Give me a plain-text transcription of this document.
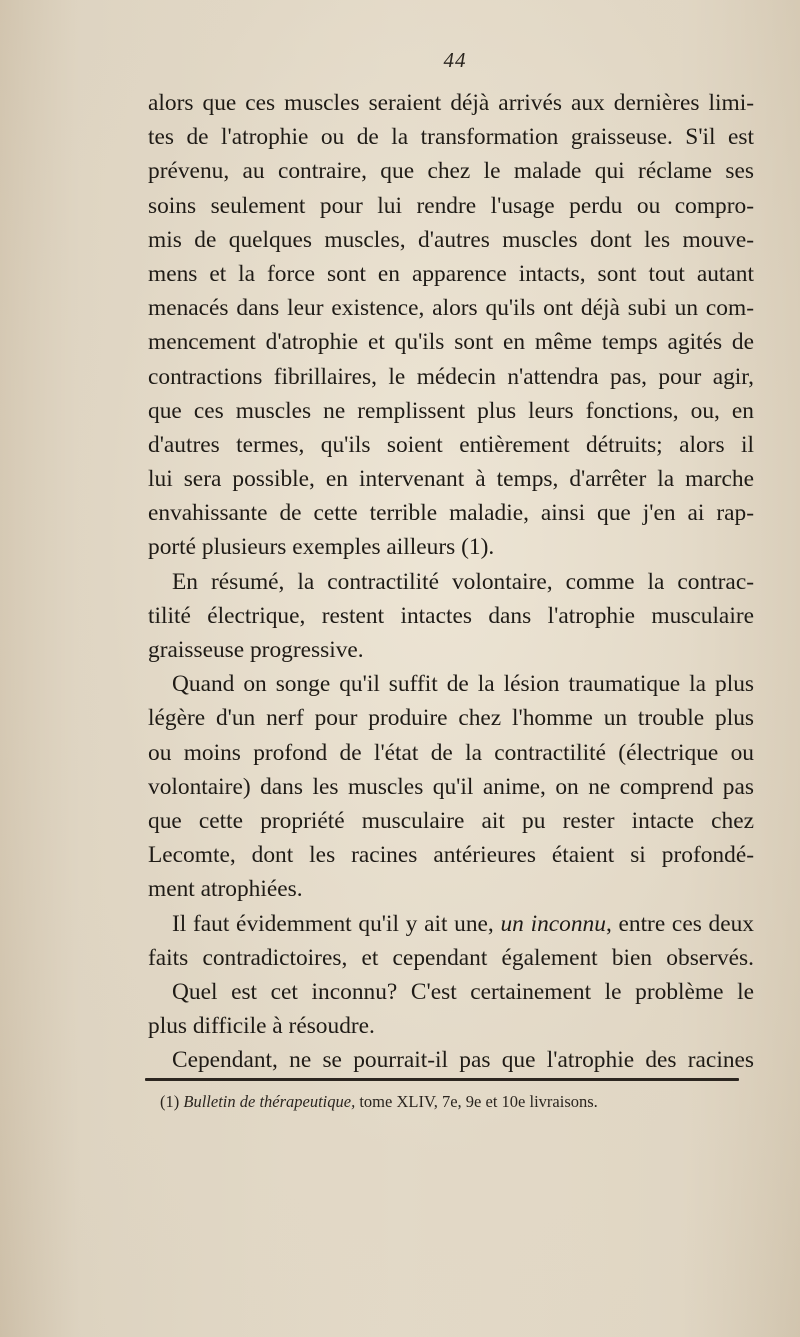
44
alors que ces muscles seraient déjà arrivés aux dernières limi-
tes de l'atrophie ou de la transformation graisseuse. S'il est
prévenu, au contraire, que chez le malade qui réclame ses
soins seulement pour lui rendre l'usage perdu ou compro-
mis de quelques muscles, d'autres muscles dont les mouve-
mens et la force sont en apparence intacts, sont tout autant
menacés dans leur existence, alors qu'ils ont déjà subi un com-
mencement d'atrophie et qu'ils sont en même temps agités de
contractions fibrillaires, le médecin n'attendra pas, pour agir,
que ces muscles ne remplissent plus leurs fonctions, ou, en
d'autres termes, qu'ils soient entièrement détruits; alors il
lui sera possible, en intervenant à temps, d'arrêter la marche
envahissante de cette terrible maladie, ainsi que j'en ai rap-
porté plusieurs exemples ailleurs (1).
En résumé, la contractilité volontaire, comme la contrac-
tilité électrique, restent intactes dans l'atrophie musculaire
graisseuse progressive.
Quand on songe qu'il suffit de la lésion traumatique la plus
légère d'un nerf pour produire chez l'homme un trouble plus
ou moins profond de l'état de la contractilité (électrique ou
volontaire) dans les muscles qu'il anime, on ne comprend pas
que cette propriété musculaire ait pu rester intacte chez
Lecomte, dont les racines antérieures étaient si profondé-
ment atrophiées.
Il faut évidemment qu'il y ait une, un inconnu, entre ces deux
faits contradictoires, et cependant également bien observés.
Quel est cet inconnu? C'est certainement le problème le
plus difficile à résoudre.
Cependant, ne se pourrait-il pas que l'atrophie des racines
(1) Bulletin de thérapeutique, tome XLIV, 7e, 9e et 10e livraisons.
